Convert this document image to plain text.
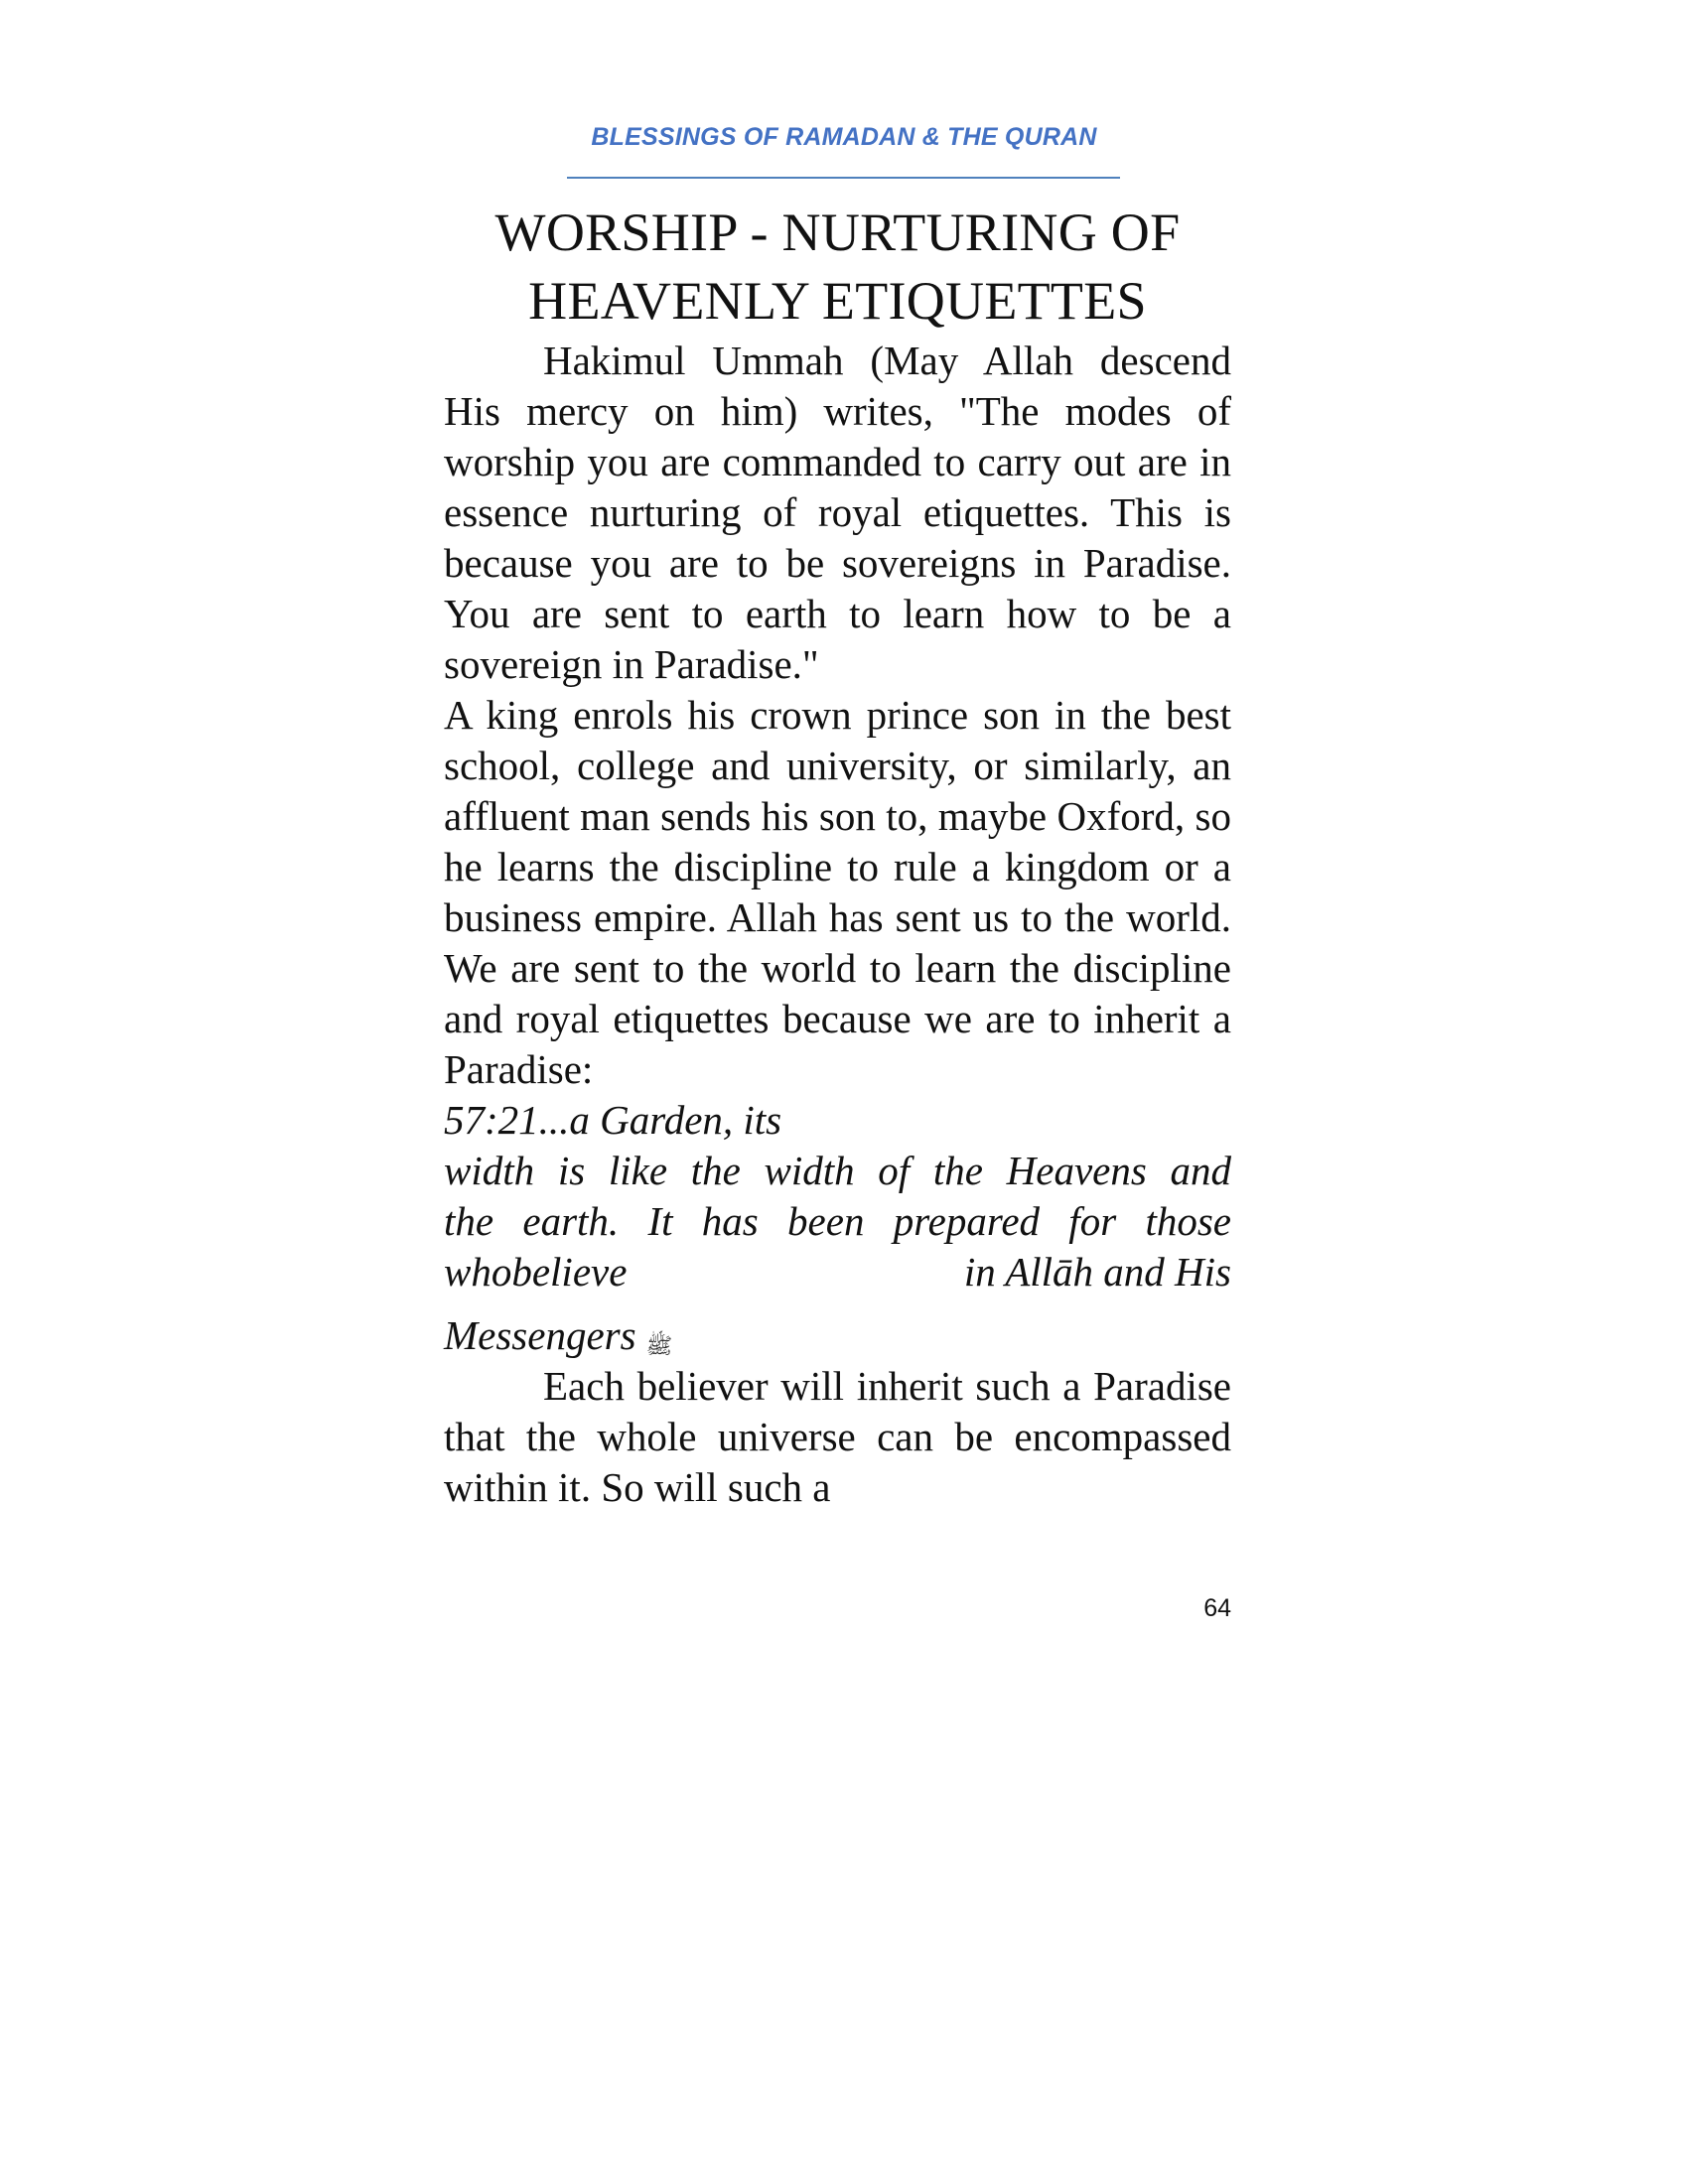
BLESSINGS OF RAMADAN & THE QURAN
WORSHIP - NURTURING OF
HEAVENLY ETIQUETTES

Hakimul Ummah (May Allah descend His mercy on him) writes, "The modes of worship you are commanded to carry out are in essence nurturing of royal etiquettes. This is because you are to be sovereigns in Paradise. You are sent to earth to learn how to be a sovereign in Paradise."

A king enrols his crown prince son in the best school, college and university, or similarly, an affluent man sends his son to, maybe Oxford, so he learns the discipline to rule a kingdom or a business empire. Allah has sent us to the world. We are sent to the world to learn the discipline and royal etiquettes because we are to inherit a Paradise:

57:21...a Garden, its
width is like the width of the Heavens and
the earth. It has been prepared for those
whobelieve	in Allāh and His
Messengers ﷺ

Each believer will inherit such a Paradise that the whole universe can be encompassed within it. So will such a

64
